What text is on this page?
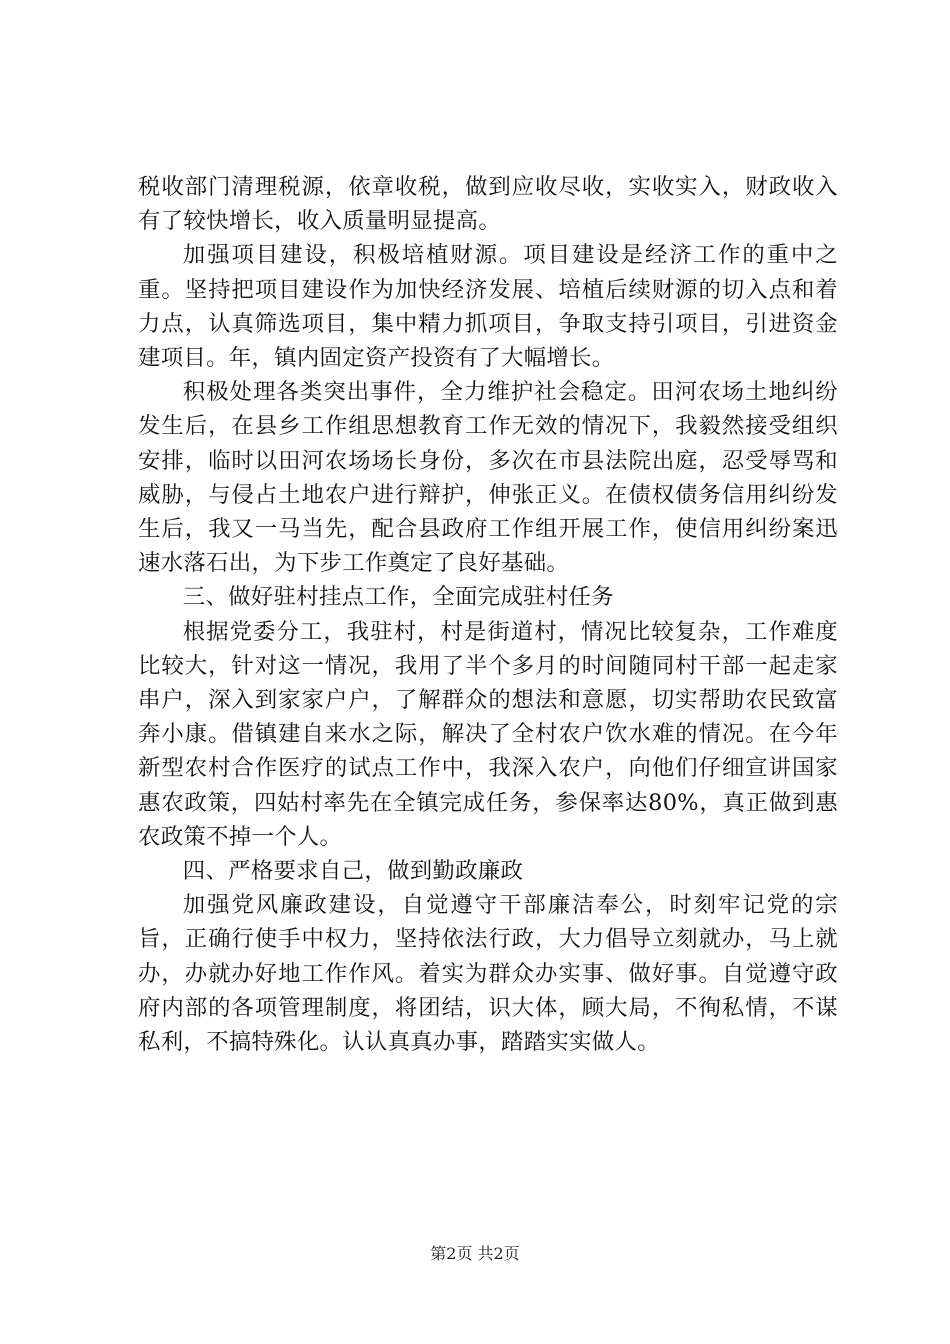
税收部门清理税源，依章收税，做到应收尽收，实收实入，财政收入有了较快增长，收入质量明显提高。

加强项目建设，积极培植财源。项目建设是经济工作的重中之重。坚持把项目建设作为加快经济发展、培植后续财源的切入点和着力点，认真筛选项目，集中精力抓项目，争取支持引项目，引进资金建项目。年，镇内固定资产投资有了大幅增长。

积极处理各类突出事件，全力维护社会稳定。田河农场土地纠纷发生后，在县乡工作组思想教育工作无效的情况下，我毅然接受组织安排，临时以田河农场场长身份，多次在市县法院出庭，忍受辱骂和威胁，与侵占土地农户进行辩护，伸张正义。在债权债务信用纠纷发生后，我又一马当先，配合县政府工作组开展工作，使信用纠纷案迅速水落石出，为下步工作奠定了良好基础。

三、做好驻村挂点工作，全面完成驻村任务

根据党委分工，我驻村，村是街道村，情况比较复杂，工作难度比较大，针对这一情况，我用了半个多月的时间随同村干部一起走家串户，深入到家家户户，了解群众的想法和意愿，切实帮助农民致富奔小康。借镇建自来水之际，解决了全村农户饮水难的情况。在今年新型农村合作医疗的试点工作中，我深入农户，向他们仔细宣讲国家惠农政策，四姑村率先在全镇完成任务，参保率达80%，真正做到惠农政策不掉一个人。

四、严格要求自己，做到勤政廉政

加强党风廉政建设，自觉遵守干部廉洁奉公，时刻牢记党的宗旨，正确行使手中权力，坚持依法行政，大力倡导立刻就办，马上就办，办就办好地工作作风。着实为群众办实事、做好事。自觉遵守政府内部的各项管理制度，将团结，识大体，顾大局，不徇私情，不谋私利，不搞特殊化。认认真真办事，踏踏实实做人。

第2页 共2页
